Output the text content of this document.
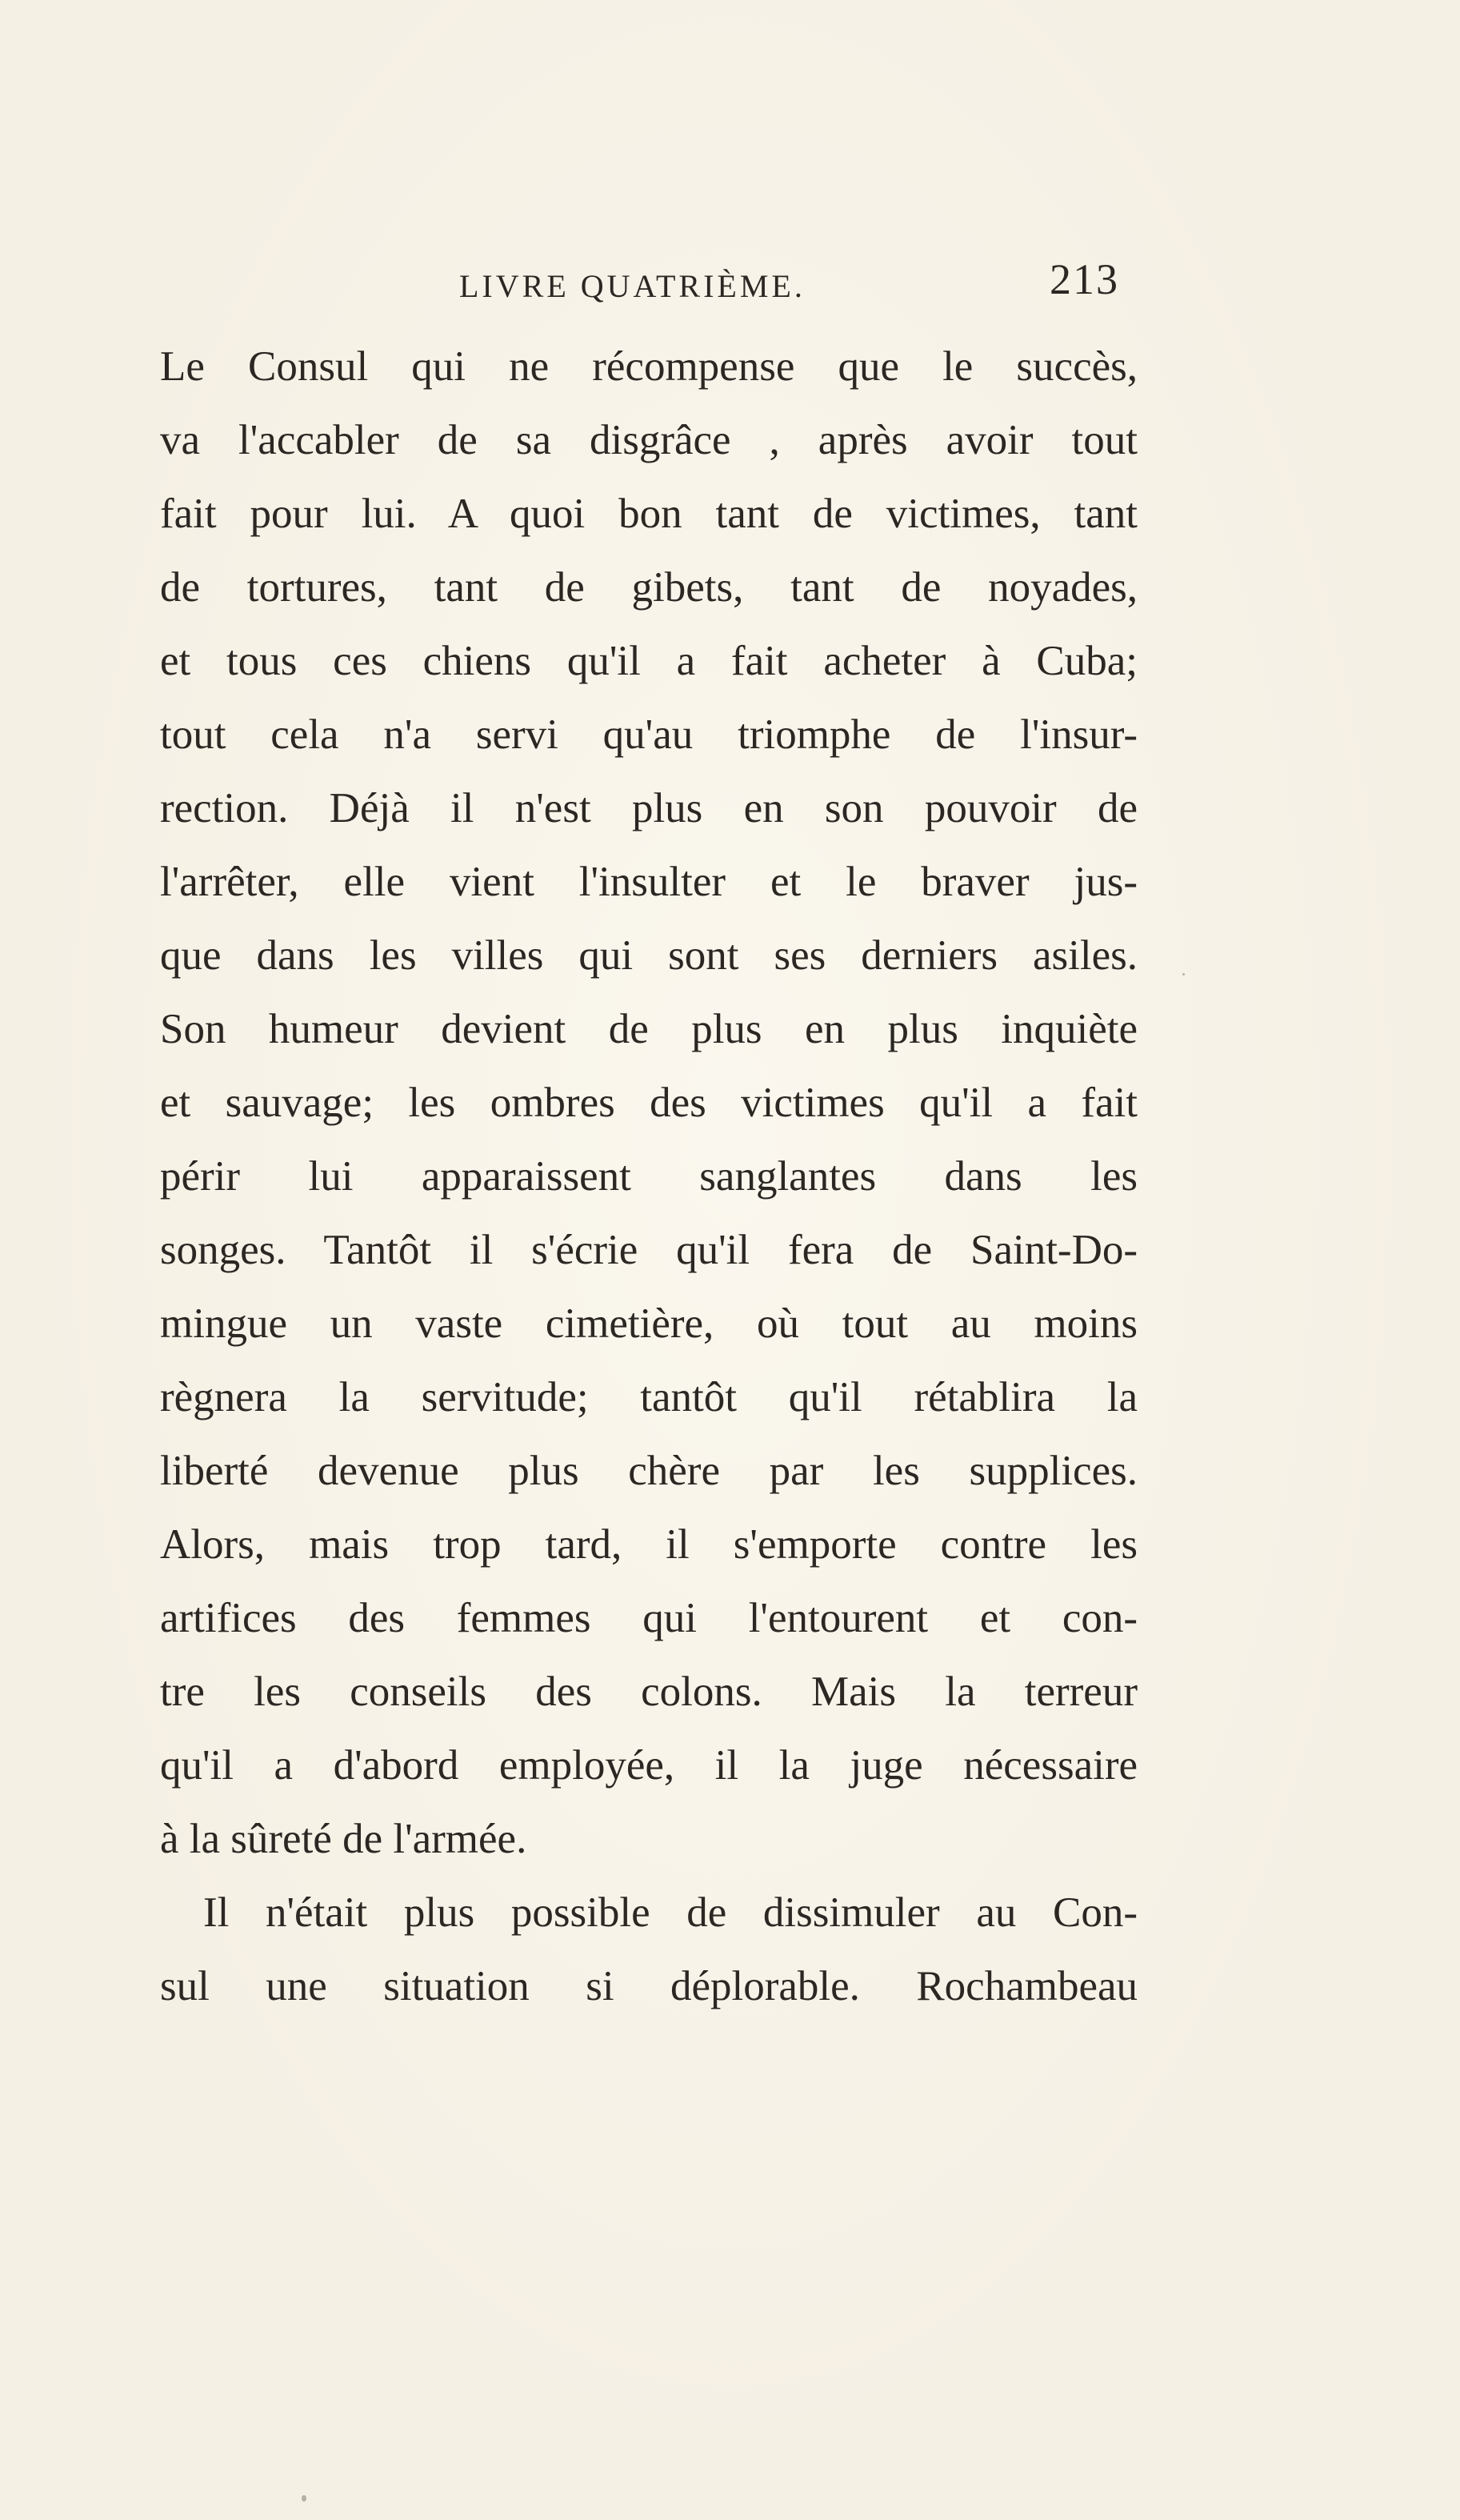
LIVRE QUATRIÈME.	213
Le Consul qui ne récompense que le succès,
va l'accabler de sa disgrâce , après avoir tout
fait pour lui. A quoi bon tant de victimes, tant
de tortures, tant de gibets, tant de noyades,
et tous ces chiens qu'il a fait acheter à Cuba;
tout cela n'a servi qu'au triomphe de l'insur-
rection. Déjà il n'est plus en son pouvoir de
l'arrêter, elle vient l'insulter et le braver jus-
que dans les villes qui sont ses derniers asiles.
Son humeur devient de plus en plus inquiète
et sauvage; les ombres des victimes qu'il a fait
périr lui apparaissent sanglantes dans les
songes. Tantôt il s'écrie qu'il fera de Saint-Do-
mingue un vaste cimetière, où tout au moins
règnera la servitude; tantôt qu'il rétablira la
liberté devenue plus chère par les supplices.
Alors, mais trop tard, il s'emporte contre les
artifices des femmes qui l'entourent et con-
tre les conseils des colons. Mais la terreur
qu'il a d'abord employée, il la juge nécessaire
à la sûreté de l'armée.
Il n'était plus possible de dissimuler au Con-
sul une situation si déplorable. Rochambeau
